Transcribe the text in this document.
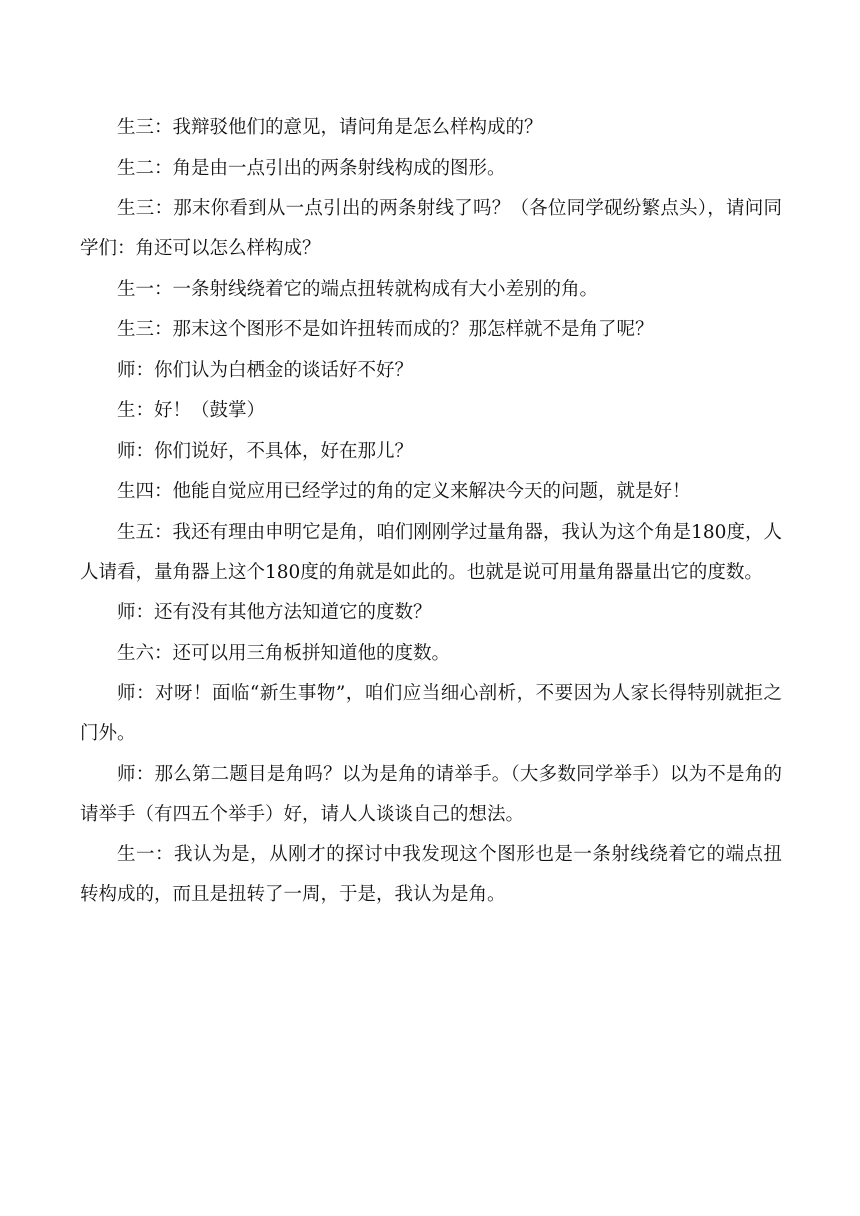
生三：我辩驳他们的意见，请问角是怎么样构成的？

生二：角是由一点引出的两条射线构成的图形。

生三：那末你看到从一点引出的两条射线了吗？（各位同学砚纷繁点头），请问同学们：角还可以怎么样构成？

生一：一条射线绕着它的端点扭转就构成有大小差别的角。

生三：那末这个图形不是如许扭转而成的？那怎样就不是角了呢？

师：你们认为白栖金的谈话好不好？

生：好！（鼓掌）

师：你们说好，不具体，好在那儿？

生四：他能自觉应用已经学过的角的定义来解决今天的问题，就是好！

生五：我还有理由申明它是角，咱们刚刚学过量角器，我认为这个角是180度，人人请看，量角器上这个180度的角就是如此的。也就是说可用量角器量出它的度数。

师：还有没有其他方法知道它的度数？

生六：还可以用三角板拼知道他的度数。

师：对呀！面临“新生事物”，咱们应当细心剖析，不要因为人家长得特别就拒之门外。

师：那么第二题目是角吗？以为是角的请举手。（大多数同学举手）以为不是角的请举手（有四五个举手）好，请人人谈谈自己的想法。

生一：我认为是，从刚才的探讨中我发现这个图形也是一条射线绕着它的端点扭转构成的，而且是扭转了一周，于是，我认为是角。
